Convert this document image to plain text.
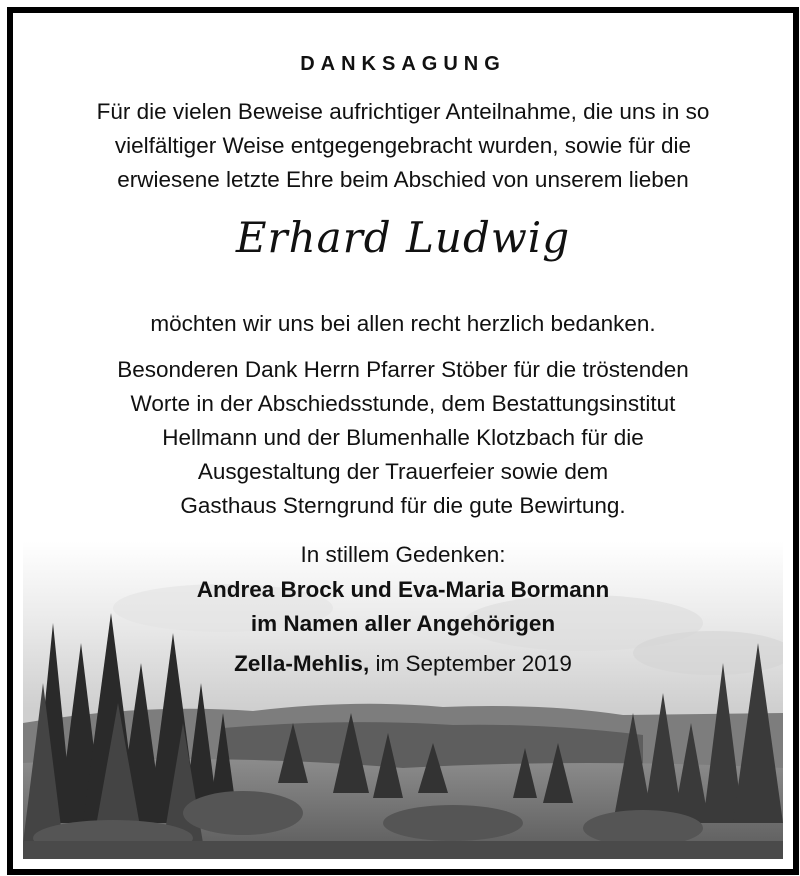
DANKSAGUNG
Für die vielen Beweise aufrichtiger Anteilnahme, die uns in so
vielfältiger Weise entgegengebracht wurden, sowie für die
erwiesene letzte Ehre beim Abschied von unserem lieben
Erhard Ludwig
möchten wir uns bei allen recht herzlich bedanken.
Besonderen Dank Herrn Pfarrer Stöber für die tröstenden
Worte in der Abschiedsstunde, dem Bestattungsinstitut
Hellmann und der Blumenhalle Klotzbach für die
Ausgestaltung der Trauerfeier sowie dem
Gasthaus Sterngrund für die gute Bewirtung.
In stillem Gedenken:
Andrea Brock und Eva-Maria Bormann
im Namen aller Angehörigen
Zella-Mehlis, im September 2019
